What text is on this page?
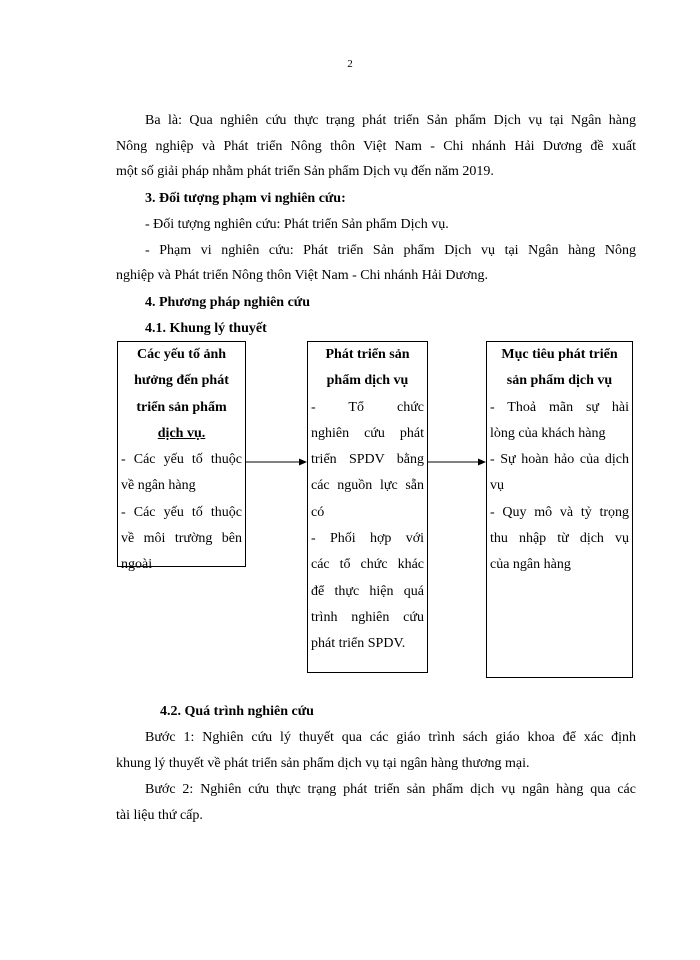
2
Ba là: Qua nghiên cứu thực trạng phát triển Sản phẩm Dịch vụ tại Ngân hàng
Nông nghiệp và Phát triển Nông thôn Việt Nam - Chi nhánh Hải Dương đề xuất
một số giải pháp nhằm phát triển Sản phẩm Dịch vụ đến năm 2019.
3. Đối tượng phạm vi nghiên cứu:
- Đối tượng nghiên cứu: Phát triển Sản phẩm Dịch vụ.
- Phạm vi nghiên cứu: Phát triển Sản phẩm Dịch vụ tại Ngân hàng Nông
nghiệp và Phát triển Nông thôn Việt Nam - Chi nhánh Hải Dương.
4. Phương pháp nghiên cứu
4.1. Khung lý thuyết
Các yếu tố ảnh
hưởng đến phát
triển sản phẩm
dịch vụ.
- Các yếu tố thuộc
về ngân hàng
- Các yếu tố thuộc
về môi trường bên
ngoài
Phát triển sản
phẩm dịch vụ
- Tổ chức
nghiên cứu phát
triển SPDV bằng
các nguồn lực sẵn
có
- Phối hợp với
các tổ chức khác
để thực hiện quá
trình nghiên cứu
phát triển SPDV.
Mục tiêu phát triển
sản phẩm dịch vụ
- Thoả mãn sự hài
lòng của khách hàng
- Sự hoàn hảo của dịch
vụ
- Quy mô và tỷ trọng
thu nhập từ dịch vụ
của ngân hàng
4.2. Quá trình nghiên cứu
Bước 1: Nghiên cứu lý thuyết qua các giáo trình sách giáo khoa để xác định
khung lý thuyết về phát triển sản phẩm dịch vụ tại ngân hàng thương mại.
Bước 2: Nghiên cứu thực trạng phát triển sản phẩm dịch vụ ngân hàng qua các
tài liệu thứ cấp.
